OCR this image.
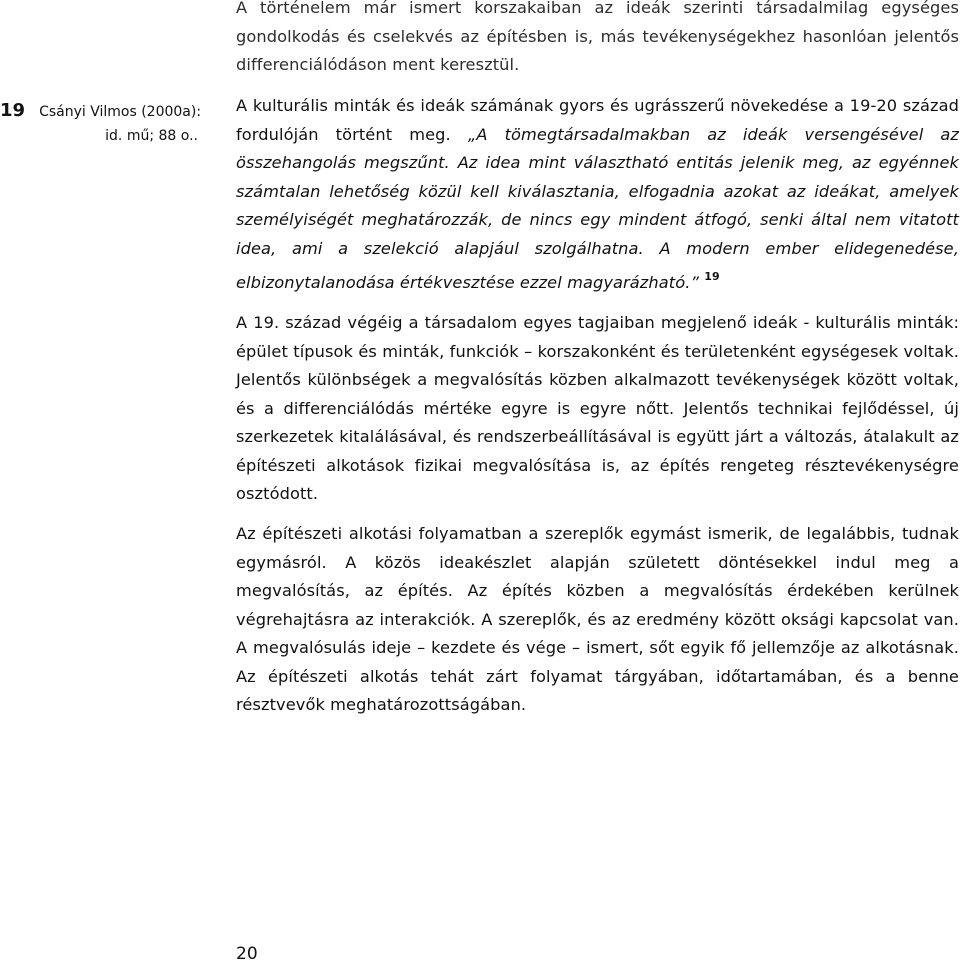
19 Csányi Vilmos (2000a):
id. mű; 88 o..

A történelem már ismert korszakaiban az ideák szerinti társadalmilag egységes gondolkodás és cselekvés az építésben is, más tevékenységekhez hasonlóan jelentős differenciálódáson ment keresztül.

A kulturális minták és ideák számának gyors és ugrásszerű növekedése a 19-20 század fordulóján történt meg. „A tömegtársadalmakban az ideák versengésével az összehangolás megszűnt. Az idea mint választható entitás jelenik meg, az egyénnek számtalan lehetőség közül kell kiválasztania, elfogadnia azokat az ideákat, amelyek személyiségét meghatározzák, de nincs egy mindent átfogó, senki által nem vitatott idea, ami a szelekció alapjául szolgálhatna. A modern ember elidegenedése, elbizonytalanodása értékvesztése ezzel magyarázható.” $^{19}$

A 19. század végéig a társadalom egyes tagjaiban megjelenő ideák - kulturális minták: épület típusok és minták, funkciók – korszakonként és területenként egységesek voltak. Jelentős különbségek a megvalósítás közben alkalmazott tevékenységek között voltak, és a differenciálódás mértéke egyre is egyre nőtt. Jelentős technikai fejlődéssel, új szerkezetek kitalálásával, és rendszerbeállításával is együtt járt a változás, átalakult az építészeti alkotások fizikai megvalósítása is, az építés rengeteg résztevékenységre osztódott.

Az építészeti alkotási folyamatban a szereplők egymást ismerik, de legalábbis, tudnak egymásról. A közös ideakészlet alapján született döntésekkel indul meg a megvalósítás, az építés. Az építés közben a megvalósítás érdekében kerülnek végrehajtásra az interakciók. A szereplők, és az eredmény között oksági kapcsolat van. A megvalósulás ideje – kezdete és vége – ismert, sőt egyik fő jellemzője az alkotásnak. Az építészeti alkotás tehát zárt folyamat tárgyában, időtartamában, és a benne résztvevők meghatározottságában.

20
